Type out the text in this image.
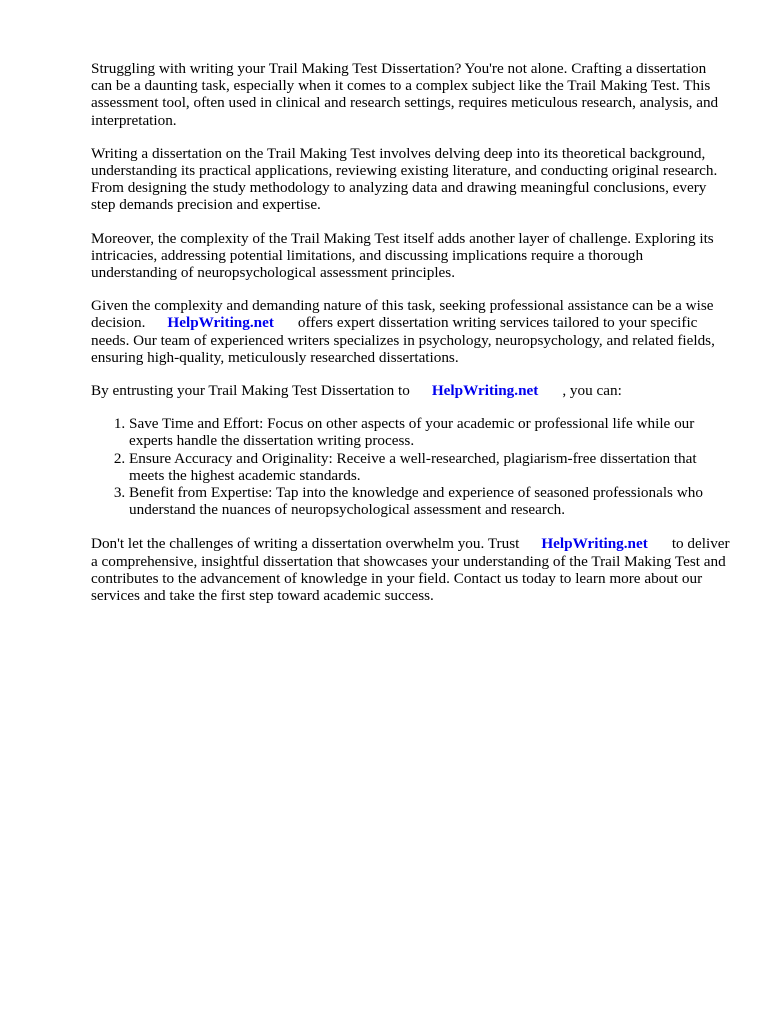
Struggling with writing your Trail Making Test Dissertation? You're not alone. Crafting a dissertation can be a daunting task, especially when it comes to a complex subject like the Trail Making Test. This assessment tool, often used in clinical and research settings, requires meticulous research, analysis, and interpretation.

Writing a dissertation on the Trail Making Test involves delving deep into its theoretical background, understanding its practical applications, reviewing existing literature, and conducting original research. From designing the study methodology to analyzing data and drawing meaningful conclusions, every step demands precision and expertise.

Moreover, the complexity of the Trail Making Test itself adds another layer of challenge. Exploring its intricacies, addressing potential limitations, and discussing implications require a thorough understanding of neuropsychological assessment principles.

Given the complexity and demanding nature of this task, seeking professional assistance can be a wise decision. HelpWriting.net offers expert dissertation writing services tailored to your specific needs. Our team of experienced writers specializes in psychology, neuropsychology, and related fields, ensuring high-quality, meticulously researched dissertations.

By entrusting your Trail Making Test Dissertation to HelpWriting.net , you can:

1. Save Time and Effort: Focus on other aspects of your academic or professional life while our experts handle the dissertation writing process.
2. Ensure Accuracy and Originality: Receive a well-researched, plagiarism-free dissertation that meets the highest academic standards.
3. Benefit from Expertise: Tap into the knowledge and experience of seasoned professionals who understand the nuances of neuropsychological assessment and research.

Don't let the challenges of writing a dissertation overwhelm you. Trust HelpWriting.net to deliver a comprehensive, insightful dissertation that showcases your understanding of the Trail Making Test and contributes to the advancement of knowledge in your field. Contact us today to learn more about our services and take the first step toward academic success.
